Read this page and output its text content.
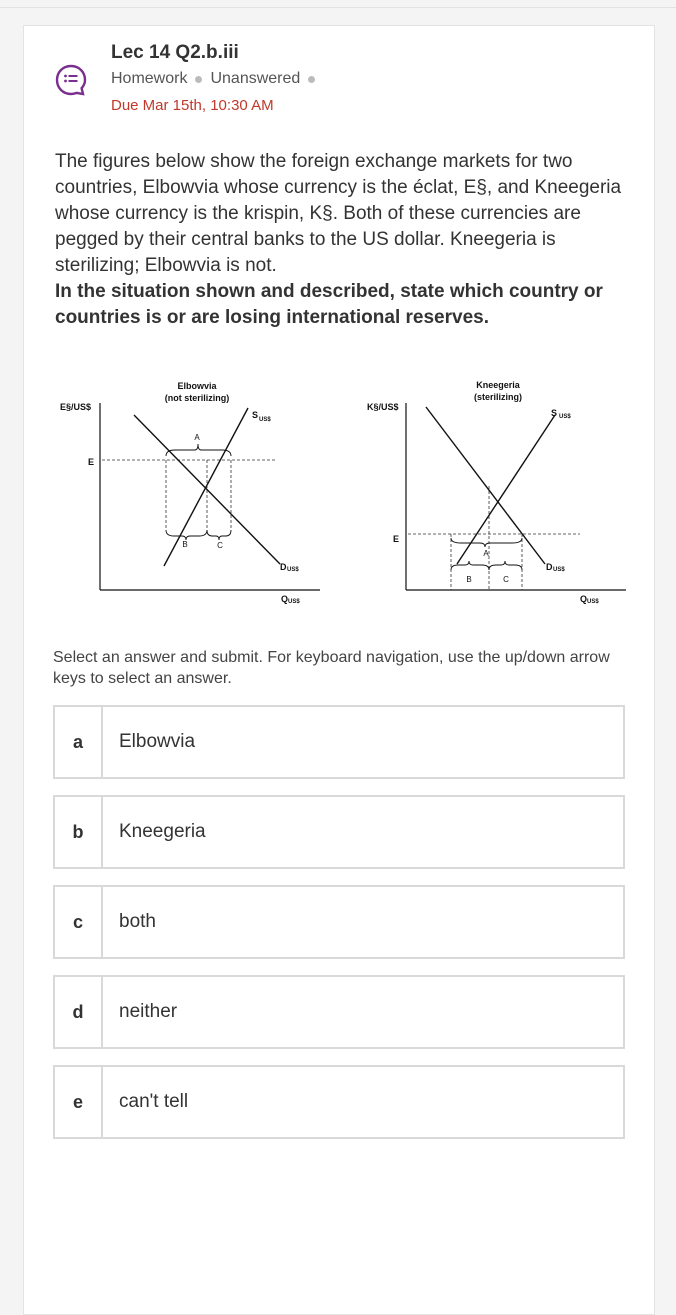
Lec 14 Q2.b.iii
Homework Unanswered
Due Mar 15th, 10:30 AM
The figures below show the foreign exchange markets for two countries, Elbowvia whose currency is the éclat, E§, and Kneegeria whose currency is the krispin, K§. Both of these currencies are pegged by their central banks to the US dollar. Kneegeria is sterilizing; Elbowvia is not.
In the situation shown and described, state which country or countries is or are losing international reserves.
Elbowvia
(not sterilizing)
E§/US$
E
S US$
D US$
Q US$
A
B	C
Kneegeria
(sterilizing)
K§/US$
E
S US$
D US$
Q US$
A
B	C
Select an answer and submit. For keyboard navigation, use the up/down arrow keys to select an answer.
a	Elbowvia
b	Kneegeria
c	both
d	neither
e	can't tell
